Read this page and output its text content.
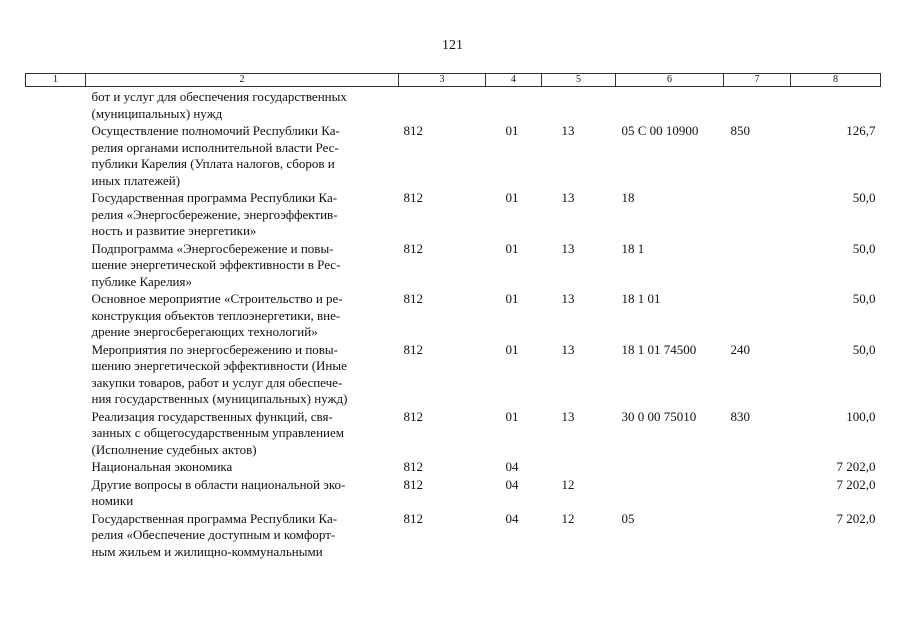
121
1	2	3	4	5	6	7	8

	бот и услуг для обеспечения государственных
(муниципальных) нужд						

	Осуществление полномочий Республики Ка-
релия органами исполнительной власти Рес-
публики Карелия (Уплата налогов, сборов и
иных платежей)	812	01	13	05 С 00 10900	850	126,7

	Государственная программа Республики Ка-
релия «Энергосбережение, энергоэффектив-
ность и развитие энергетики»	812	01	13	18		50,0

	Подпрограмма «Энергосбережение и повы-
шение энергетической эффективности в Рес-
публике Карелия»	812	01	13	18 1		50,0

	Основное мероприятие «Строительство и ре-
конструкция объектов теплоэнергетики, вне-
дрение энергосберегающих технологий»	812	01	13	18 1 01		50,0

	Мероприятия по энергосбережению и повы-
шению энергетической эффективности (Иные
закупки товаров, работ и услуг для обеспече-
ния государственных (муниципальных) нужд)	812	01	13	18 1 01 74500	240	50,0

	Реализация государственных функций, свя-
занных с общегосударственным управлением
(Исполнение судебных актов)	812	01	13	30 0 00 75010	830	100,0

	Национальная экономика	812	04				7 202,0

	Другие вопросы в области национальной эко-
номики	812	04	12			7 202,0

	Государственная программа Республики Ка-
релия «Обеспечение доступным и комфорт-
ным жильем и жилищно-коммунальными	812	04	12	05		7 202,0
